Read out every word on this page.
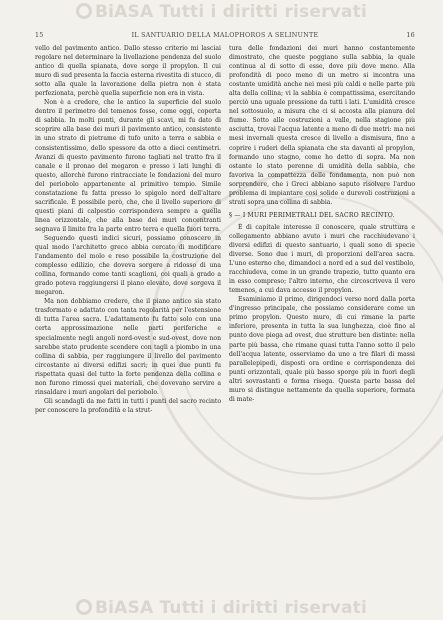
BiASA Tutti i diritti riservati
15	IL SANTUARIO DELLA MALOPHOROS A SELINUNTE	16

vello del pavimento antico. Dallo stesso criterio mi lasciai regolare nel determinare la livellazione pendenza del suolo antico di quella spianata, dove sorge il propylon. Il cui muro di sud presenta la faccia esterna rivestita di stucco, di sotto alla quale la lavorazione della pietra non è stata perfezionata, perchè quella superficie non era in vista.

Non è a credere, che le antico la superficie del suolo dentro il perimetro del temenos fosse, come oggi, coperta di sabbia. In molti punti, durante gli scavi, mi fu dato di scoprire alla base dei muri il pavimento antico, consistente in uno strato di pietrame di tufo unito a terra e sabbia e consistentissimo, dello spessore da otto a dieci centimetri. Avanzi di questo pavimento furono tagliati nel tratto fra il canale e il pronao del megaron e presso i lati lunghi di questo, allorchè furono rintracciate le fondazioni del muro del periobolo appartenente al primitivo tempio. Simile constatazione fu fatta presso lo spigolo nord dell'altare sacrificale. È possibile però, che, che il livello superiore di questi piani di calpestio corrispondeva sempre a quella linea orizzontale, che alla base dei muri concentranti segnava il limite fra la parte entro terra e quella fuori terra.

Seguendo questi indici sicuri, possiamo conoscere in qual modo l'architetto greco abbia cercato di modificare l'andamento del molo e reso possibile la costruzione del complesso edilizio, che doveva sorgere a ridosso di una collina, formando come tanti scaglioni, coi quali a grado a grado poteva raggiungersi il piano elevato, dove sorgeva il megaron.

Ma non dobbiamo credere, che il piano antico sia stato trasformato e adattato con tanta regolarità per l'estensione di tutta l'area sacra. L'adattamento fu fatto solo con una certa approssimazione nelle parti periferiche e specialmente negli angoli nord-ovest e sud-ovest, dove non sarebbe stato prudente scendere con tagli a piombo in una collina di sabbia, per raggiungere il livello del pavimento circostante ai diversi edifizi sacri; in quei due punti fu rispettata quasi del tutto la forte pendenza della collina e non furono rimossi quei materiali, che dovevano servire a rinsaldare i muri angolari del periobolo.

Gli scandagli da me fatti in tutti i punti del sacro recinto per conoscere la profondità e la strut-

tura delle fondazioni dei muri hanno costantemente dimostrato, che queste poggiano sulla sabbia, la quale continua al di sotto di esse, dove più dove meno. Alla profondità di poco meno di un metro si incontra una costante umidità anche nei mesi più caldi e nelle parte più alta della collina; vi la sabbia è compattissima, esercitando perciò una uguale pressione da tutti i lati. L'umidità cresce nel sottosuolo, a misura che ci si accosta alla pianura del fiume. Sotto alle costruzioni a valle, nella stagione più asciutta, trovai l'acqua latente a meno di due metri: ma nei mesi invernali questa cresce di livello a dismisura, fino a coprire i ruderi della spianata che sta davanti al propylon, formando uno stagno, come ho detto di sopra. Ma non ostante lo stato perenne di umidità della sabbia, che favoriva la compattezza delle fondamenta, non può non sorprendere, che i Greci abbiano saputo risolvere l'arduo problema di impiantare così solide e durevoli costruzioni a strati sopra una collina di sabbia.

§ — I MURI PERIMETRALI DEL SACRO RECINTO.

È di capitale interesse il conoscere, quale struttura e collegamento abbiano avuto i muri che racchiudevano i diversi edifizi di questo santuario, i quali sono di specie diverse. Sono due i muri, di proporzioni dell'area sacra. L'uno esterno che, dimandoci a nord ed a sud del vestibolo, racchiudeva, come in un grande trapezio, tutto quanto era in esso compreso; l'altro interno, che circoscriveva il vero temenos, a cui dava accesso il propylon.

Esaminiamo il primo, dirigendoci verso nord dalla porta d'ingresso principale, che possiamo considerare come un primo propylon. Questo muro, di cui rimane la parte inferiore, presenta in tutta la sua lunghezza, cioè fino al punto dove piega ad ovest, due strutture ben distinte: nella parte più bassa, che rimane quasi tutta l'anno sotto il pelo dell'acqua latente, osserviamo da uno a tre filari di massi parallelepipedi, disposti ora ordine e corrispondenza dei punti orizzontali, quale più basso sporge più in fuori degli altri sovrastanti e forma risega. Questa parte bassa del muro si distingue nettamente da quella superiore, formata di mate-

BiASA Tutti i diritti riservati
